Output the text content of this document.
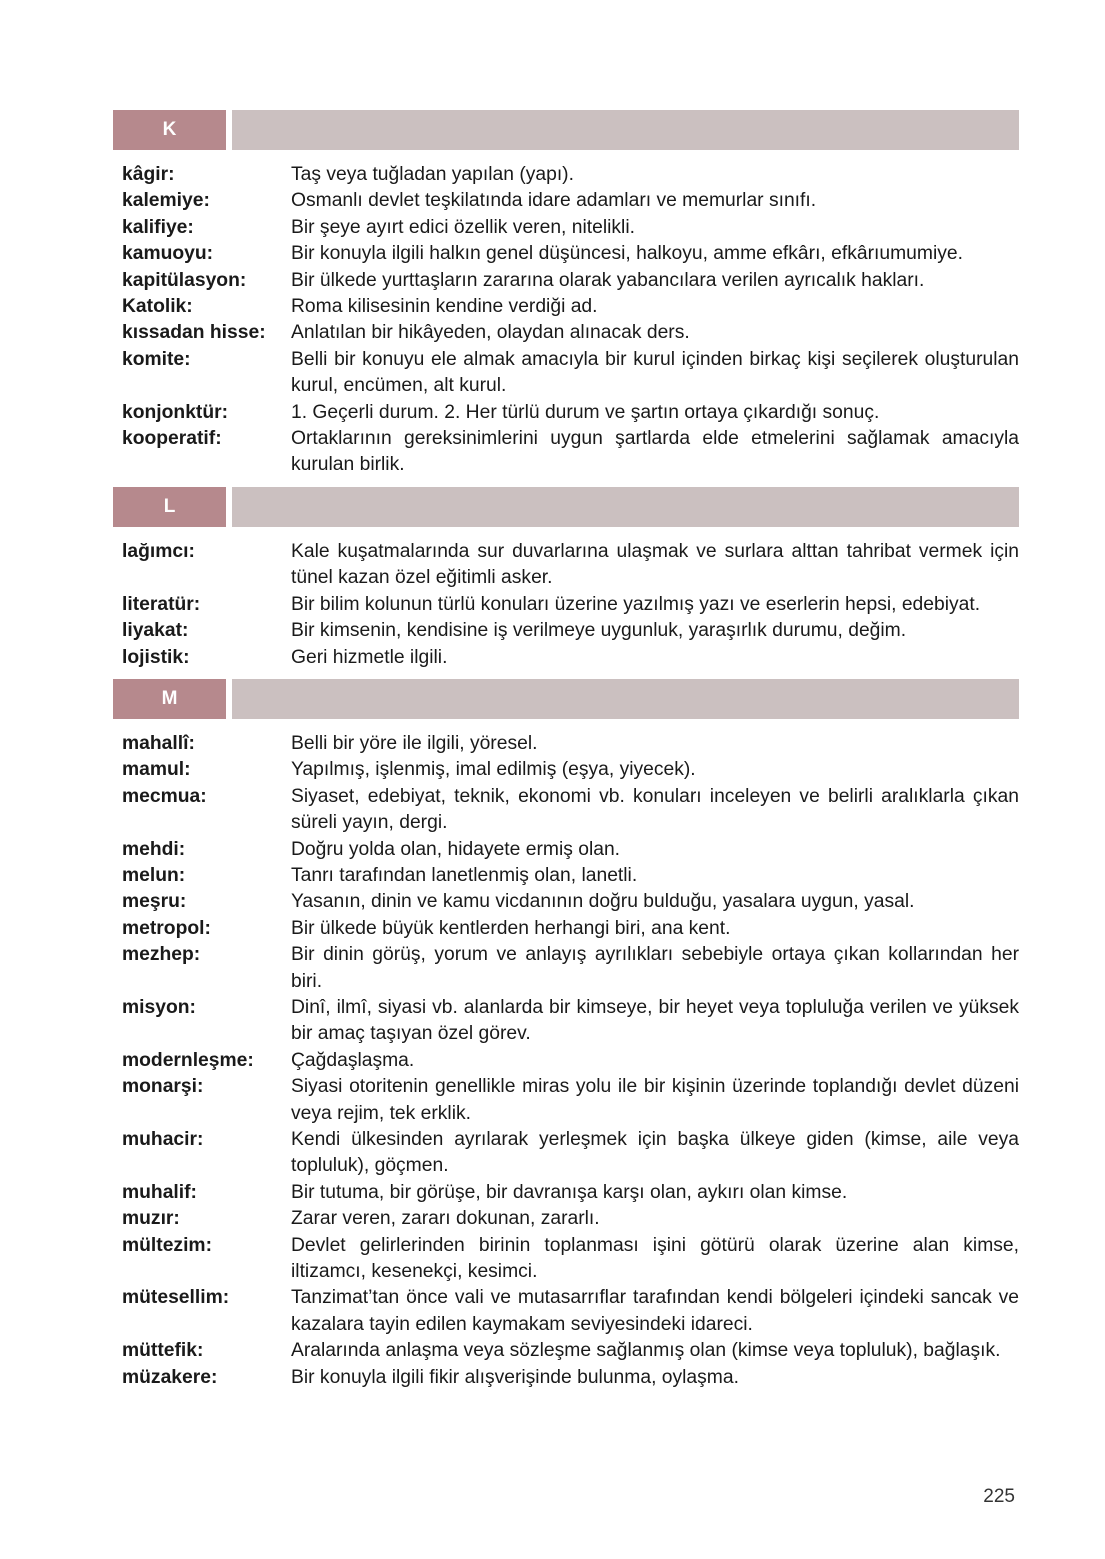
K
kâgir:	Taş veya tuğladan yapılan (yapı).
kalemiye:	Osmanlı devlet teşkilatında idare adamları ve memurlar sınıfı.
kalifiye:	Bir şeye ayırt edici özellik veren, nitelikli.
kamuoyu:	Bir konuyla ilgili halkın genel düşüncesi, halkoyu, amme efkârı, efkârıumumiye.
kapitülasyon:	Bir ülkede yurttaşların zararına olarak yabancılara verilen ayrıcalık hakları.
Katolik:	Roma kilisesinin kendine verdiği ad.
kıssadan hisse:	Anlatılan bir hikâyeden, olaydan alınacak ders.
komite:	Belli bir konuyu ele almak amacıyla bir kurul içinden birkaç kişi seçilerek oluşturulan kurul, encümen, alt kurul.
konjonktür:	1. Geçerli durum. 2. Her türlü durum ve şartın ortaya çıkardığı sonuç.
kooperatif:	Ortaklarının gereksinimlerini uygun şartlarda elde etmelerini sağlamak amacıyla kurulan birlik.
L
lağımcı:	Kale kuşatmalarında sur duvarlarına ulaşmak ve surlara alttan tahribat vermek için tünel kazan özel eğitimli asker.
literatür:	Bir bilim kolunun türlü konuları üzerine yazılmış yazı ve eserlerin hepsi, edebiyat.
liyakat:	Bir kimsenin, kendisine iş verilmeye uygunluk, yaraşırlık durumu, değim.
lojistik:	Geri hizmetle ilgili.
M
mahallî:	Belli bir yöre ile ilgili, yöresel.
mamul:	Yapılmış, işlenmiş, imal edilmiş (eşya, yiyecek).
mecmua:	Siyaset, edebiyat, teknik, ekonomi vb. konuları inceleyen ve belirli aralıklarla çıkan süreli yayın, dergi.
mehdi:	Doğru yolda olan, hidayete ermiş olan.
melun:	Tanrı tarafından lanetlenmiş olan, lanetli.
meşru:	Yasanın, dinin ve kamu vicdanının doğru bulduğu, yasalara uygun, yasal.
metropol:	Bir ülkede büyük kentlerden herhangi biri, ana kent.
mezhep:	Bir dinin görüş, yorum ve anlayış ayrılıkları sebebiyle ortaya çıkan kollarından her biri.
misyon:	Dinî, ilmî, siyasi vb. alanlarda bir kimseye, bir heyet veya topluluğa verilen ve yüksek bir amaç taşıyan özel görev.
modernleşme:	Çağdaşlaşma.
monarşi:	Siyasi otoritenin genellikle miras yolu ile bir kişinin üzerinde toplandığı devlet düzeni veya rejim, tek erklik.
muhacir:	Kendi ülkesinden ayrılarak yerleşmek için başka ülkeye giden (kimse, aile veya topluluk), göçmen.
muhalif:	Bir tutuma, bir görüşe, bir davranışa karşı olan, aykırı olan kimse.
muzır:	Zarar veren, zararı dokunan, zararlı.
mültezim:	Devlet gelirlerinden birinin toplanması işini götürü olarak üzerine alan kimse, iltizamcı, kesenekçi, kesimci.
mütesellim:	Tanzimat’tan önce vali ve mutasarrıflar tarafından kendi bölgeleri içindeki sancak ve kazalara tayin edilen kaymakam seviyesindeki idareci.
müttefik:	Aralarında anlaşma veya sözleşme sağlanmış olan (kimse veya topluluk), bağlaşık.
müzakere:	Bir konuyla ilgili fikir alışverişinde bulunma, oylaşma.
225
